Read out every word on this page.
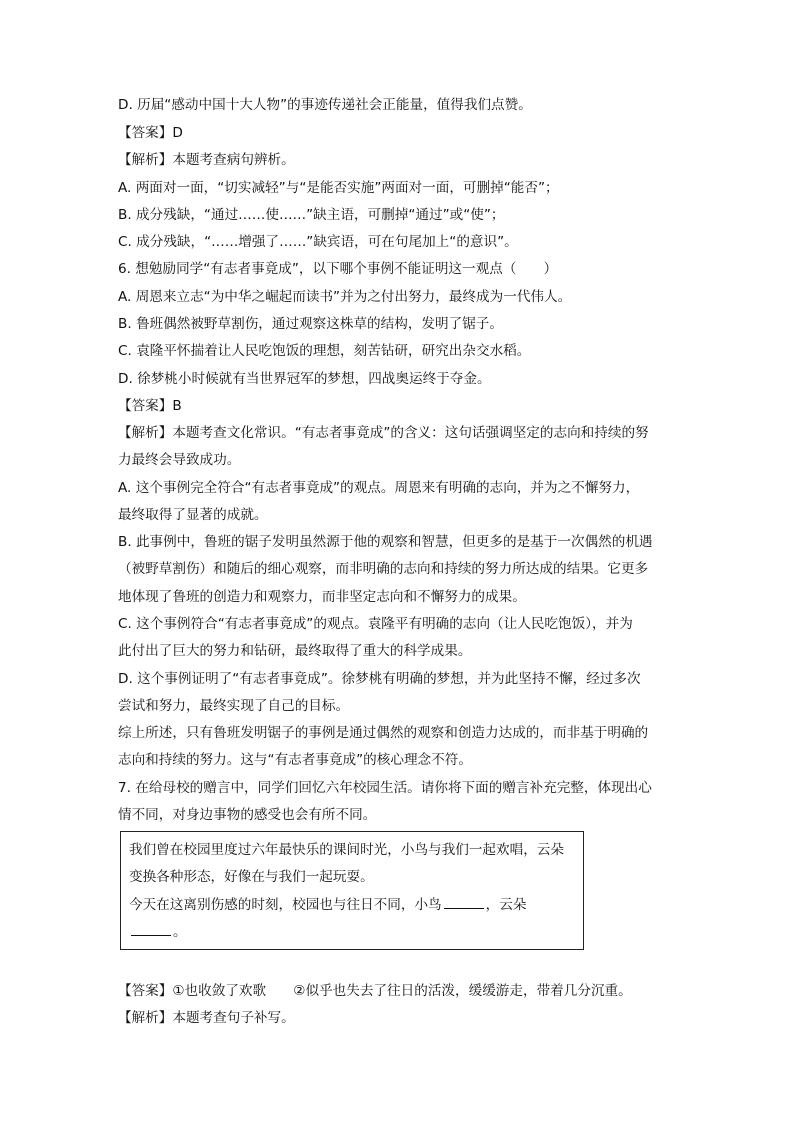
D. 历届“感动中国十大人物”的事迹传递社会正能量，值得我们点赞。
【答案】D
【解析】本题考查病句辨析。
A. 两面对一面，“切实减轻”与“是能否实施”两面对一面，可删掉“能否”；
B. 成分残缺，“通过……使……”缺主语，可删掉“通过”或“使”；
C. 成分残缺，“……增强了……”缺宾语，可在句尾加上“的意识”。
6. 想勉励同学“有志者事竟成”，以下哪个事例不能证明这一观点（　　）
A. 周恩来立志“为中华之崛起而读书”并为之付出努力，最终成为一代伟人。
B. 鲁班偶然被野草割伤，通过观察这株草的结构，发明了锯子。
C. 袁隆平怀揣着让人民吃饱饭的理想，刻苦钻研，研究出杂交水稻。
D. 徐梦桃小时候就有当世界冠军的梦想，四战奥运终于夺金。
【答案】B
【解析】本题考查文化常识。“有志者事竟成”的含义：这句话强调坚定的志向和持续的努
力最终会导致成功。
A. 这个事例完全符合“有志者事竟成”的观点。周恩来有明确的志向，并为之不懈努力，
最终取得了显著的成就。
B. 此事例中，鲁班的锯子发明虽然源于他的观察和智慧，但更多的是基于一次偶然的机遇
（被野草割伤）和随后的细心观察，而非明确的志向和持续的努力所达成的结果。它更多
地体现了鲁班的创造力和观察力，而非坚定志向和不懈努力的成果。
C. 这个事例符合“有志者事竟成”的观点。袁隆平有明确的志向（让人民吃饱饭），并为
此付出了巨大的努力和钻研，最终取得了重大的科学成果。
D. 这个事例证明了“有志者事竟成”。徐梦桃有明确的梦想，并为此坚持不懈，经过多次
尝试和努力，最终实现了自己的目标。
综上所述，只有鲁班发明锯子的事例是通过偶然的观察和创造力达成的，而非基于明确的
志向和持续的努力。这与“有志者事竟成”的核心理念不符。
7. 在给母校的赠言中，同学们回忆六年校园生活。请你将下面的赠言补充完整，体现出心
情不同，对身边事物的感受也会有所不同。
我们曾在校园里度过六年最快乐的课间时光，小鸟与我们一起欢唱，云朵
变换各种形态，好像在与我们一起玩耍。
今天在这离别伤感的时刻，校园也与往日不同，小鸟	，云朵
。
【答案】①也收敛了欢歌　　②似乎也失去了往日的活泼，缓缓游走，带着几分沉重。
【解析】本题考查句子补写。
